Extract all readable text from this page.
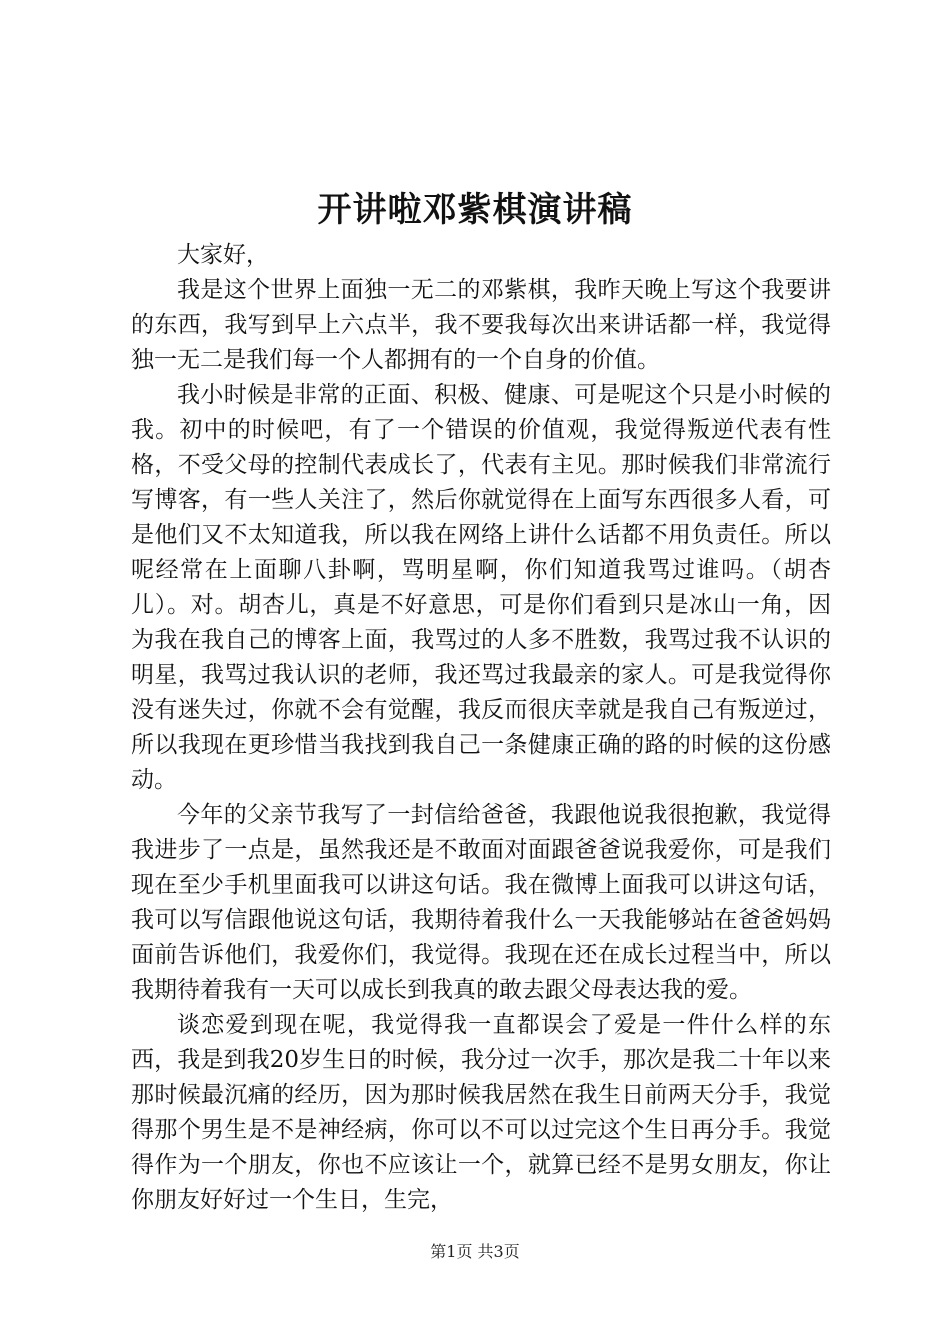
开讲啦邓紫棋演讲稿

大家好，

我是这个世界上面独一无二的邓紫棋，我昨天晚上写这个我要讲的东西，我写到早上六点半，我不要我每次出来讲话都一样，我觉得独一无二是我们每一个人都拥有的一个自身的价值。

我小时候是非常的正面、积极、健康、可是呢这个只是小时候的我。初中的时候吧，有了一个错误的价值观，我觉得叛逆代表有性格，不受父母的控制代表成长了，代表有主见。那时候我们非常流行写博客，有一些人关注了，然后你就觉得在上面写东西很多人看，可是他们又不太知道我，所以我在网络上讲什么话都不用负责任。所以呢经常在上面聊八卦啊，骂明星啊，你们知道我骂过谁吗。（胡杏儿）。对。胡杏儿，真是不好意思，可是你们看到只是冰山一角，因为我在我自己的博客上面，我骂过的人多不胜数，我骂过我不认识的明星，我骂过我认识的老师，我还骂过我最亲的家人。可是我觉得你没有迷失过，你就不会有觉醒，我反而很庆幸就是我自己有叛逆过，所以我现在更珍惜当我找到我自己一条健康正确的路的时候的这份感动。

今年的父亲节我写了一封信给爸爸，我跟他说我很抱歉，我觉得我进步了一点是，虽然我还是不敢面对面跟爸爸说我爱你，可是我们现在至少手机里面我可以讲这句话。我在微博上面我可以讲这句话，我可以写信跟他说这句话，我期待着我什么一天我能够站在爸爸妈妈面前告诉他们，我爱你们，我觉得。我现在还在成长过程当中，所以我期待着我有一天可以成长到我真的敢去跟父母表达我的爱。

谈恋爱到现在呢，我觉得我一直都误会了爱是一件什么样的东西，我是到我20岁生日的时候，我分过一次手，那次是我二十年以来那时候最沉痛的经历，因为那时候我居然在我生日前两天分手，我觉得那个男生是不是神经病，你可以不可以过完这个生日再分手。我觉得作为一个朋友，你也不应该让一个，就算已经不是男女朋友，你让你朋友好好过一个生日，生完，

第1页 共3页
